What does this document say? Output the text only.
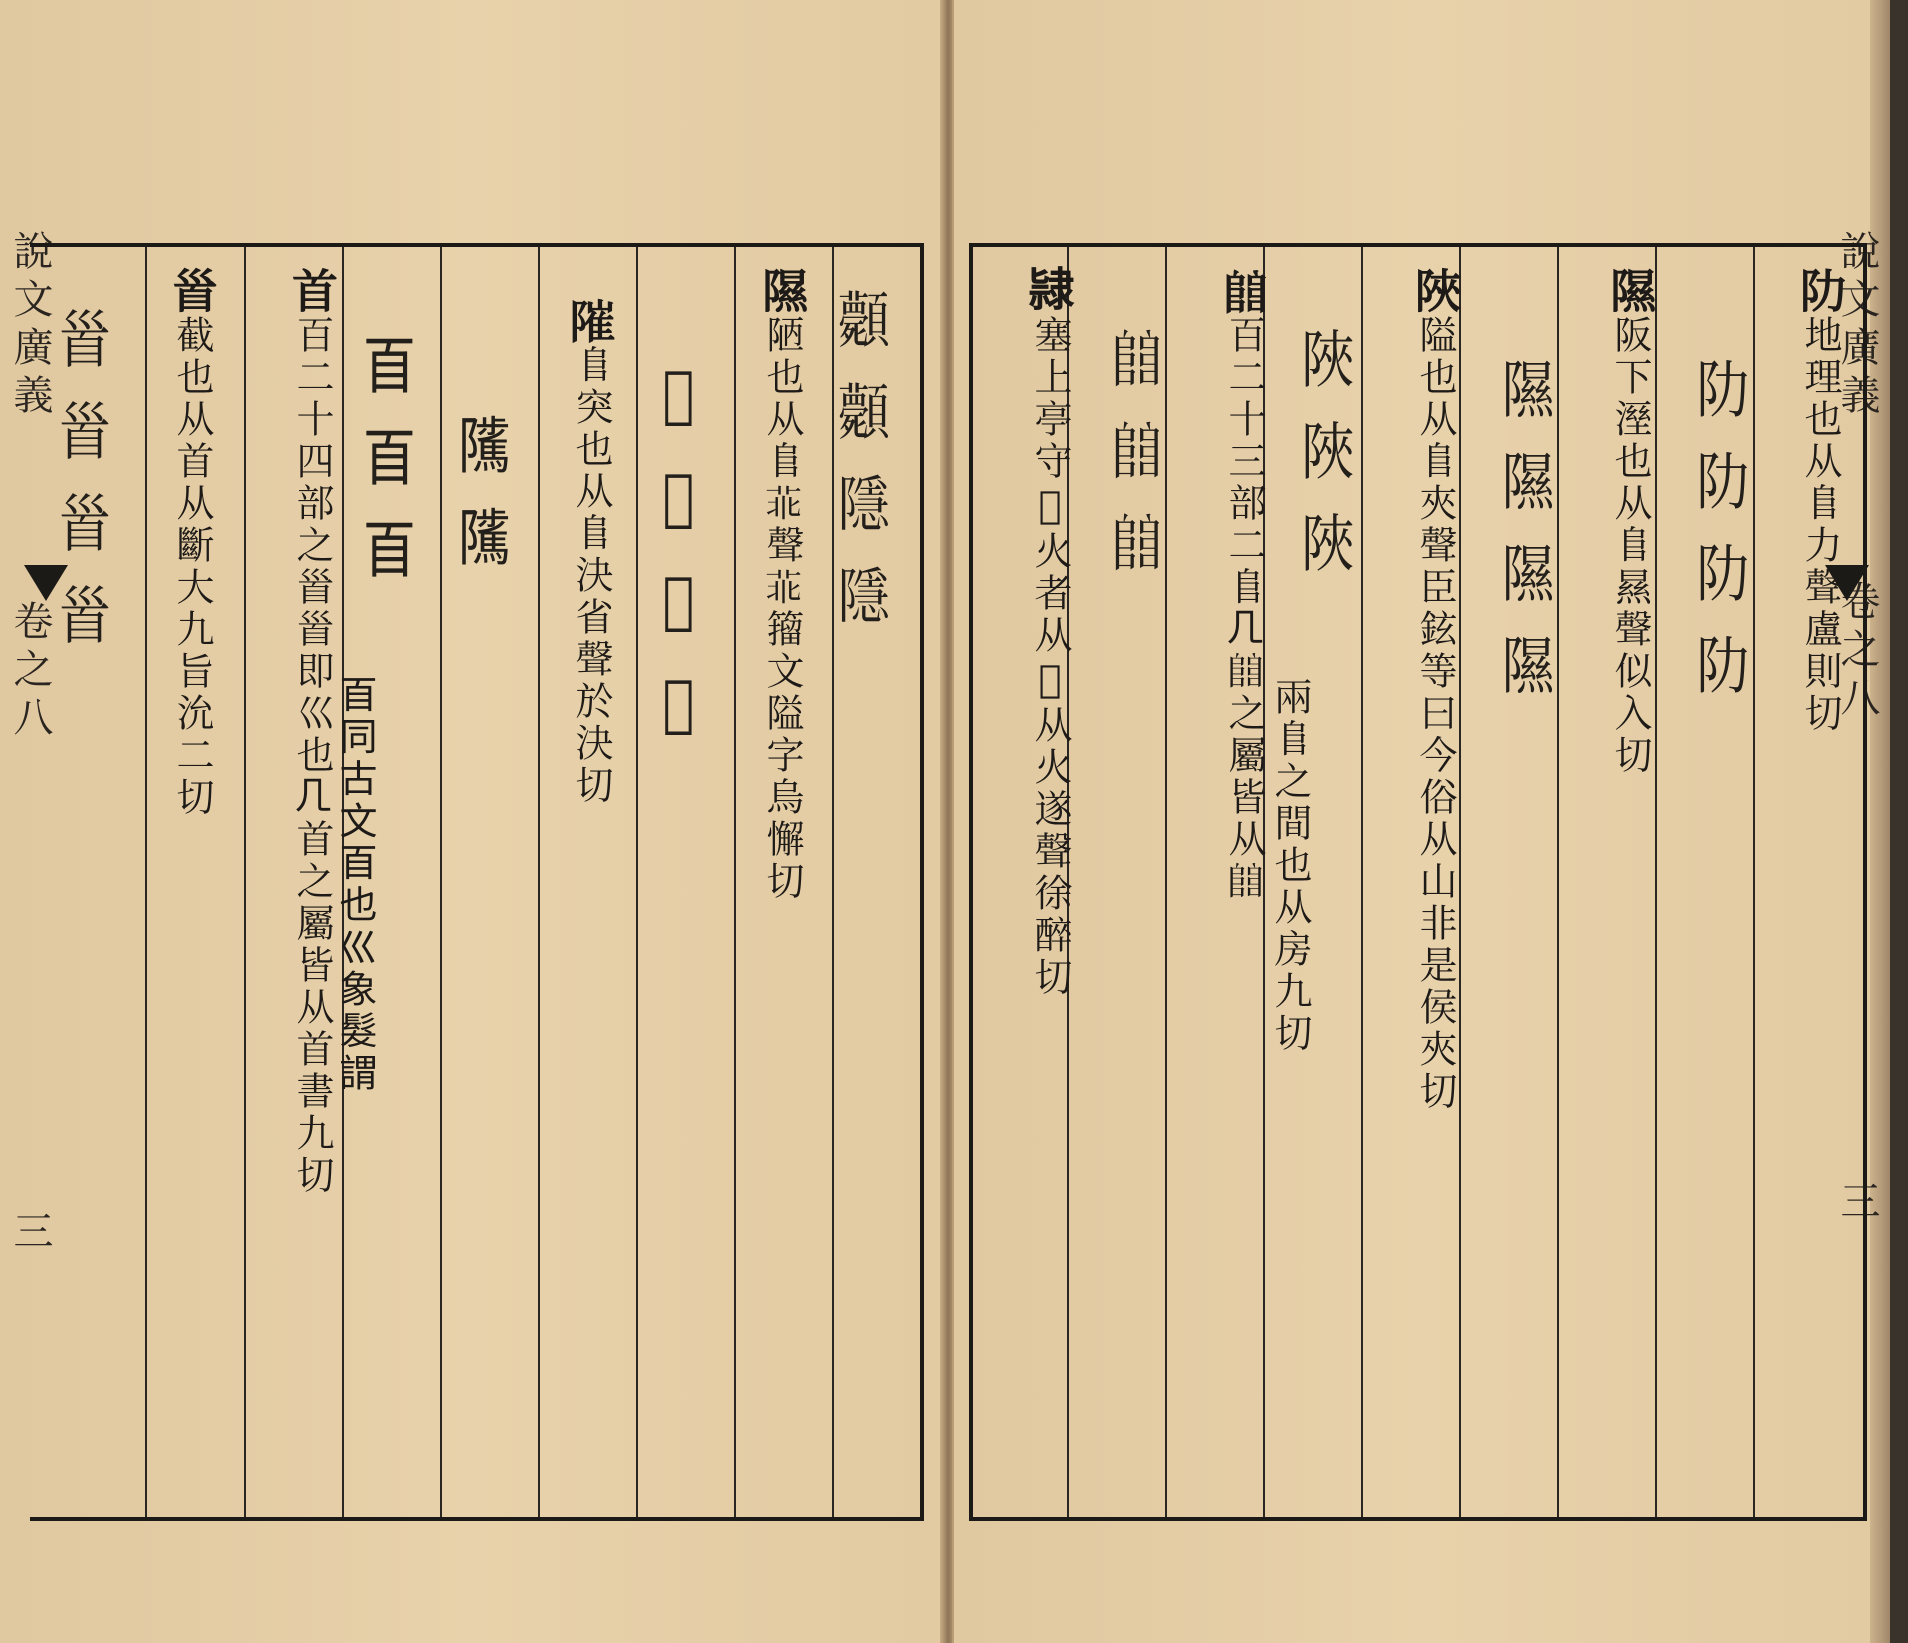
說文廣義
卷之八
三
𩖎𩖎隱隱
隰陋也从𨸏𦮃聲𦮃籀文隘字烏懈切
𨽌𨽌隘隘
𨻵𨸏突也从𨸏決省聲於決切
𨽥𨽥
𦣻𦣻𦣻
首百二十四部之𩠐𩠐即巛也𠘧首之屬皆从首書九切 𦣻同古文𦣻也巛象髮謂
𩠐截也从首从斷大九旨沇二切
𩠐𩠐𩠐𩠐	說文廣義
卷之八
三
阞地理也从𨸏力聲盧則切
阞阞阞阞
隰阪下溼也从𨸏㬎聲似入切
隰隰隰隰
陜隘也从𨸏夾聲臣鉉等曰今俗从山非是侯夾切
陜陜陜
𨺅百二十三部二𨸏𠘧𨺅之屬皆从𨺅 兩𨸏之間也从房九切
𨺅𨺅𨺅
𨽻塞上亭守𤋲火者从𨺅从火遂聲徐醉切
